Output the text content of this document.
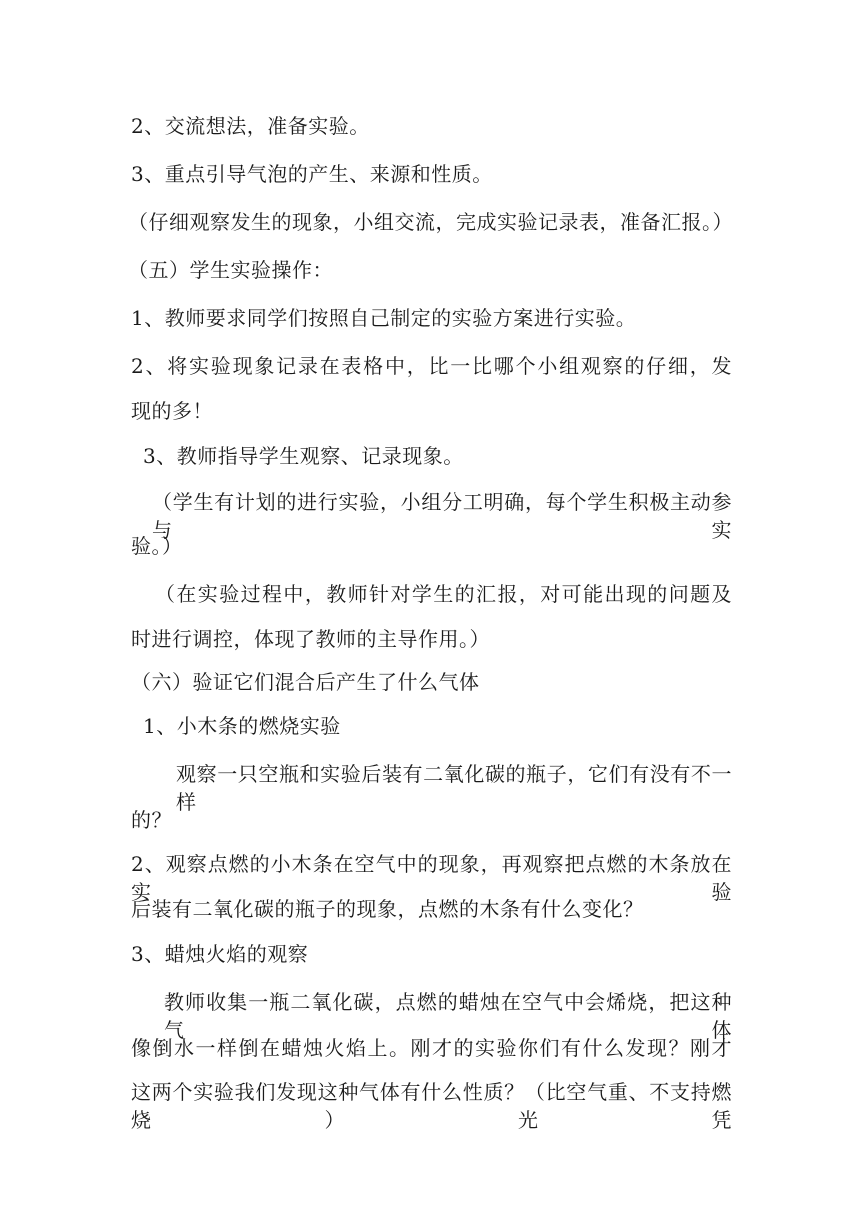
2、交流想法，准备实验。
3、重点引导气泡的产生、来源和性质。
（仔细观察发生的现象，小组交流，完成实验记录表，准备汇报。）
（五）学生实验操作：
1、教师要求同学们按照自己制定的实验方案进行实验。
2、将实验现象记录在表格中，比一比哪个小组观察的仔细，发
现的多！
3、教师指导学生观察、记录现象。
（学生有计划的进行实验，小组分工明确，每个学生积极主动参与实
验。）
（在实验过程中，教师针对学生的汇报，对可能出现的问题及
时进行调控，体现了教师的主导作用。）
（六）验证它们混合后产生了什么气体
1、小木条的燃烧实验
观察一只空瓶和实验后装有二氧化碳的瓶子，它们有没有不一样
的？
2、观察点燃的小木条在空气中的现象，再观察把点燃的木条放在实验
后装有二氧化碳的瓶子的现象，点燃的木条有什么变化？
3、蜡烛火焰的观察
教师收集一瓶二氧化碳，点燃的蜡烛在空气中会烯烧，把这种气体
像倒水一样倒在蜡烛火焰上。刚才的实验你们有什么发现？刚才
这两个实验我们发现这种气体有什么性质？（比空气重、不支持燃烧）光凭
